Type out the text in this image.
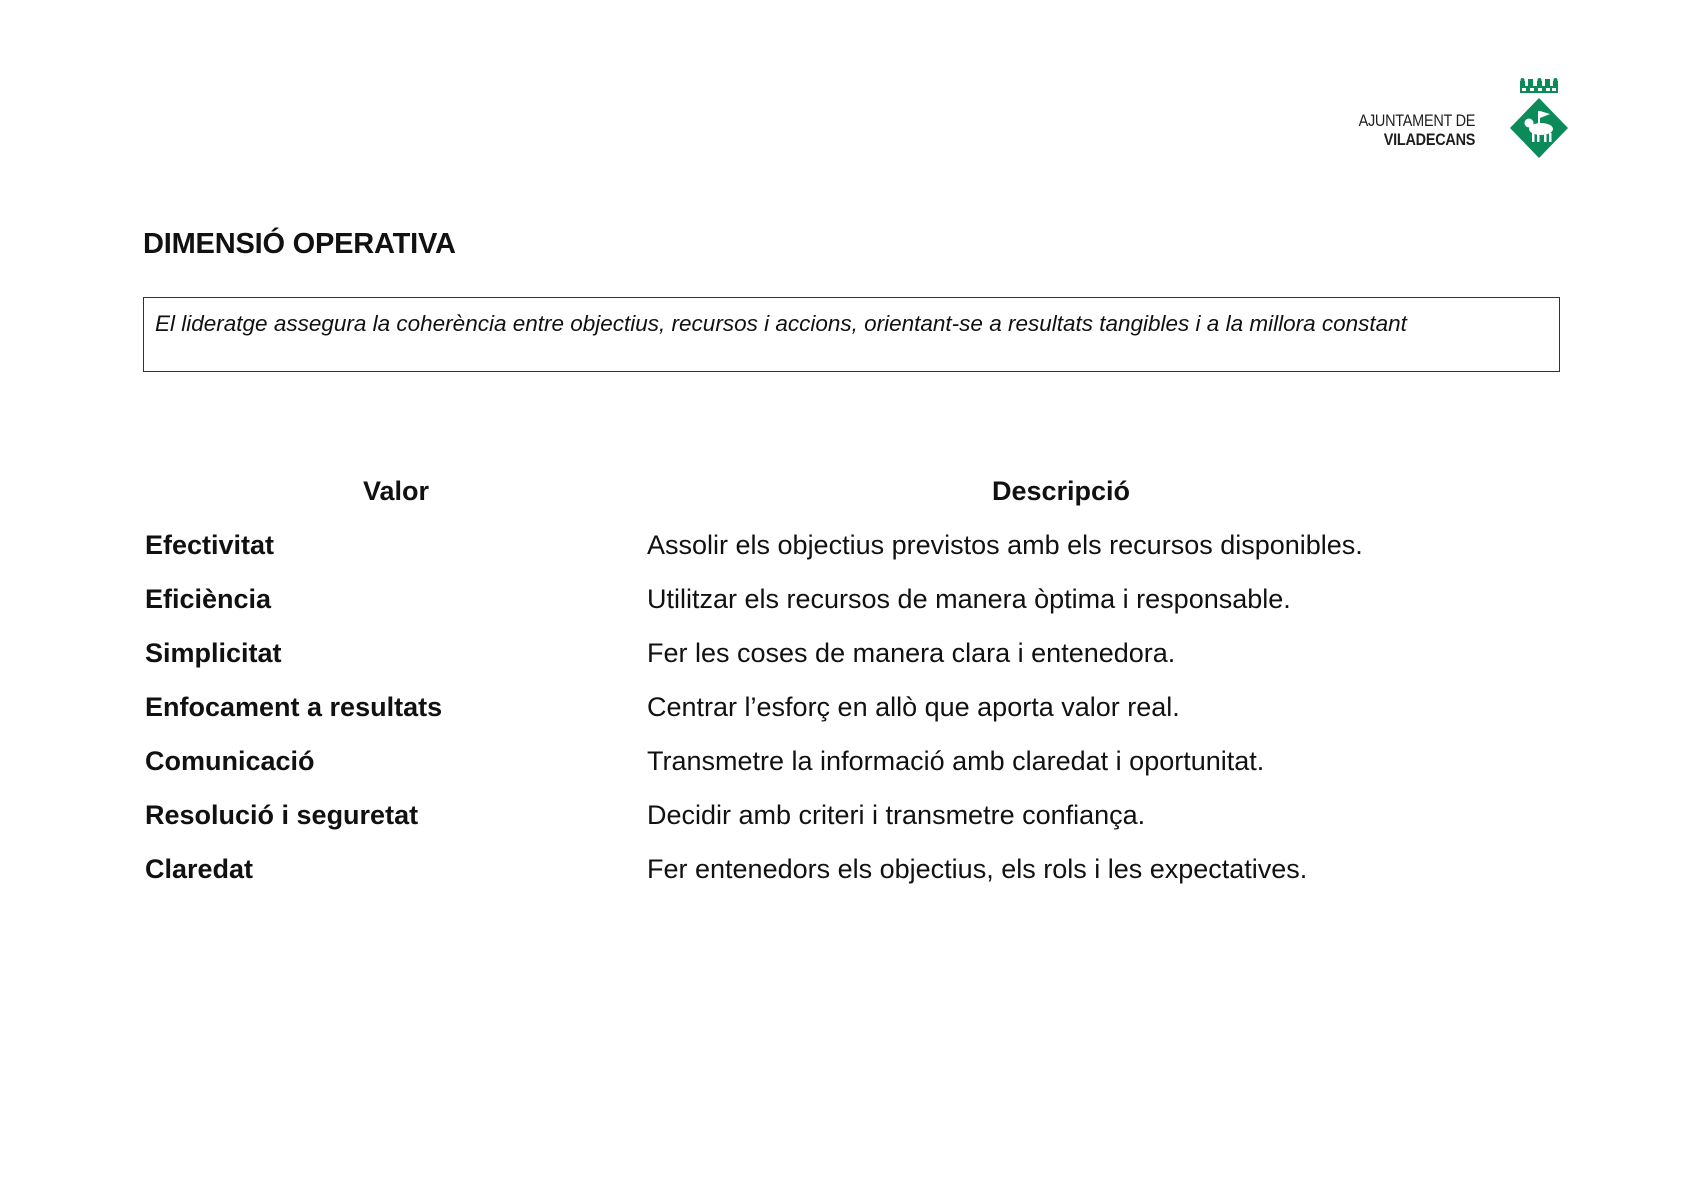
AJUNTAMENT DE
VILADECANS
DIMENSIÓ OPERATIVA
El lideratge assegura la coherència entre objectius, recursos i accions, orientant-se a resultats tangibles i a la millora constant
Valor	Descripció
Efectivitat	Assolir els objectius previstos amb els recursos disponibles.
Eficiència	Utilitzar els recursos de manera òptima i responsable.
Simplicitat	Fer les coses de manera clara i entenedora.
Enfocament a resultats	Centrar l’esforç en allò que aporta valor real.
Comunicació	Transmetre la informació amb claredat i oportunitat.
Resolució i seguretat	Decidir amb criteri i transmetre confiança.
Claredat	Fer entenedors els objectius, els rols i les expectatives.
